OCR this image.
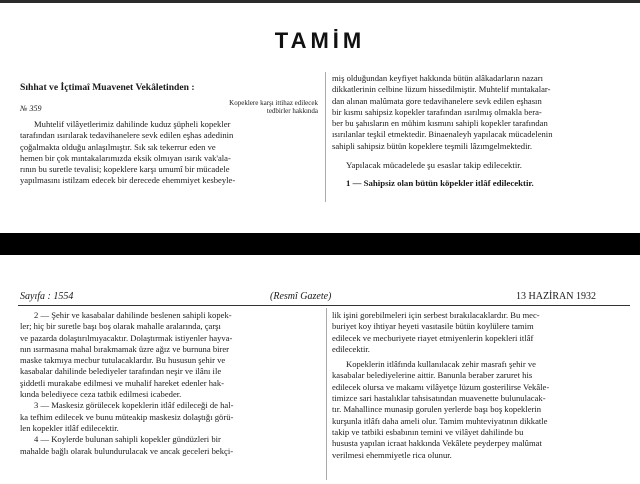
TAMİM
Sıhhat ve İçtimaî Muavenet Vekâletinden :
№ 359
Kopeklere karşı ittihaz edilecek
tedbirler hakkında

Muhtelif vilâyetlerimiz dahilinde kuduz şüpheli kopekler

tarafından ısırılarak tedavihanelere sevk edilen eşhas adedinin

çoğalmakta olduğu anlaşılmıştır. Sık sık tekerrur eden ve

hemen bir çok mıntakalarımızda eksik olmıyan ısırık vak'ala-

rının bu suretle tevalisi; kopeklere karşı umumî bir mücadele

yapılmasını istilzam edecek bir derecede ehemmiyet kesbeyle-

miş olduğundan keyfiyet hakkında bütün alâkadarların nazarı

dikkatlerinin celbine lüzum hissedilmiştir. Muhtelif mıntakalar-

dan alınan malûmata gore tedavihanelere sevk edilen eşhasın

bir kısmı sahipsiz kopekler tarafından ısırılmış olmakla bera-

ber bu şahısların en mühim kısmını sahipli kopekler tarafından

ısırılanlar teşkil etmektedir. Binaenaleyh yapılacak mücadelenin

sahipli sahipsiz bütün kopeklere teşmili lâzımgelmektedir.

Yapılacak mücadelede şu esaslar takip edilecektir.
1 — Sahipsiz olan bütün köpekler itlâf edilecektir.
Sayıfa : 1554	(Resmî Gazete)	13 HAZİRAN 1932

2 — Şehir ve kasabalar dahilinde beslenen sahipli kopek-

ler; hiç bir suretle başı boş olarak mahalle aralarında, çarşı

ve pazarda dolaştırılmıyacaktır. Dolaştırmak istiyenler hayva-

nın ısırmasına mahal bırakmamak üzre ağız ve burnuna birer

maske takmıya mecbur tutulacaklardır. Bu hususun şehir ve

kasabalar dahilinde belediyeler tarafından neşir ve ilânı ile

şiddetli murakabe edilmesi ve muhalif hareket edenler hak-

kında belediyece ceza tatbik edilmesi icabeder.

3 — Maskesiz görülecek kopeklerin itlâf edileceği de hal-

ka tefhim edilecek ve bunu müteakip maskesiz dolaştığı görü-

len kopekler itlâf edilecektir.

4 — Koylerde bulunan sahipli kopekler gündüzleri bir

mahalde bağlı olarak bulundurulacak ve ancak geceleri bekçi-

lik işini gorebilmeleri için serbest bırakılacaklardır. Bu mec-

buriyet koy ihtiyar heyeti vasıtasile bütün koylülere tamim

edilecek ve mecburiyete riayet etmiyenlerin kopekleri itlâf

edilecektir.

Kopeklerin itlâfında kullanılacak zehir masrafı şehir ve

kasabalar belediyelerine aittir. Banunla beraber zaruret his

edilecek olursa ve makamı vilâyetçe lüzum gosterilirse Vekâle-

timizce sari hastalıklar tahsisatından muavenette bulunulacak-

tır. Mahallince munasip gorulen yerlerde başı boş kopeklerin

kurşunla itlâfı daha ameli olur. Tamim muhteviyatının dikkatle

takip ve tatbiki esbabının temini ve vilâyet dahilinde bu

hususta yapılan icraat hakkında Vekâlete peyderpey malûmat

verilmesi ehemmiyetle rica olunur.
